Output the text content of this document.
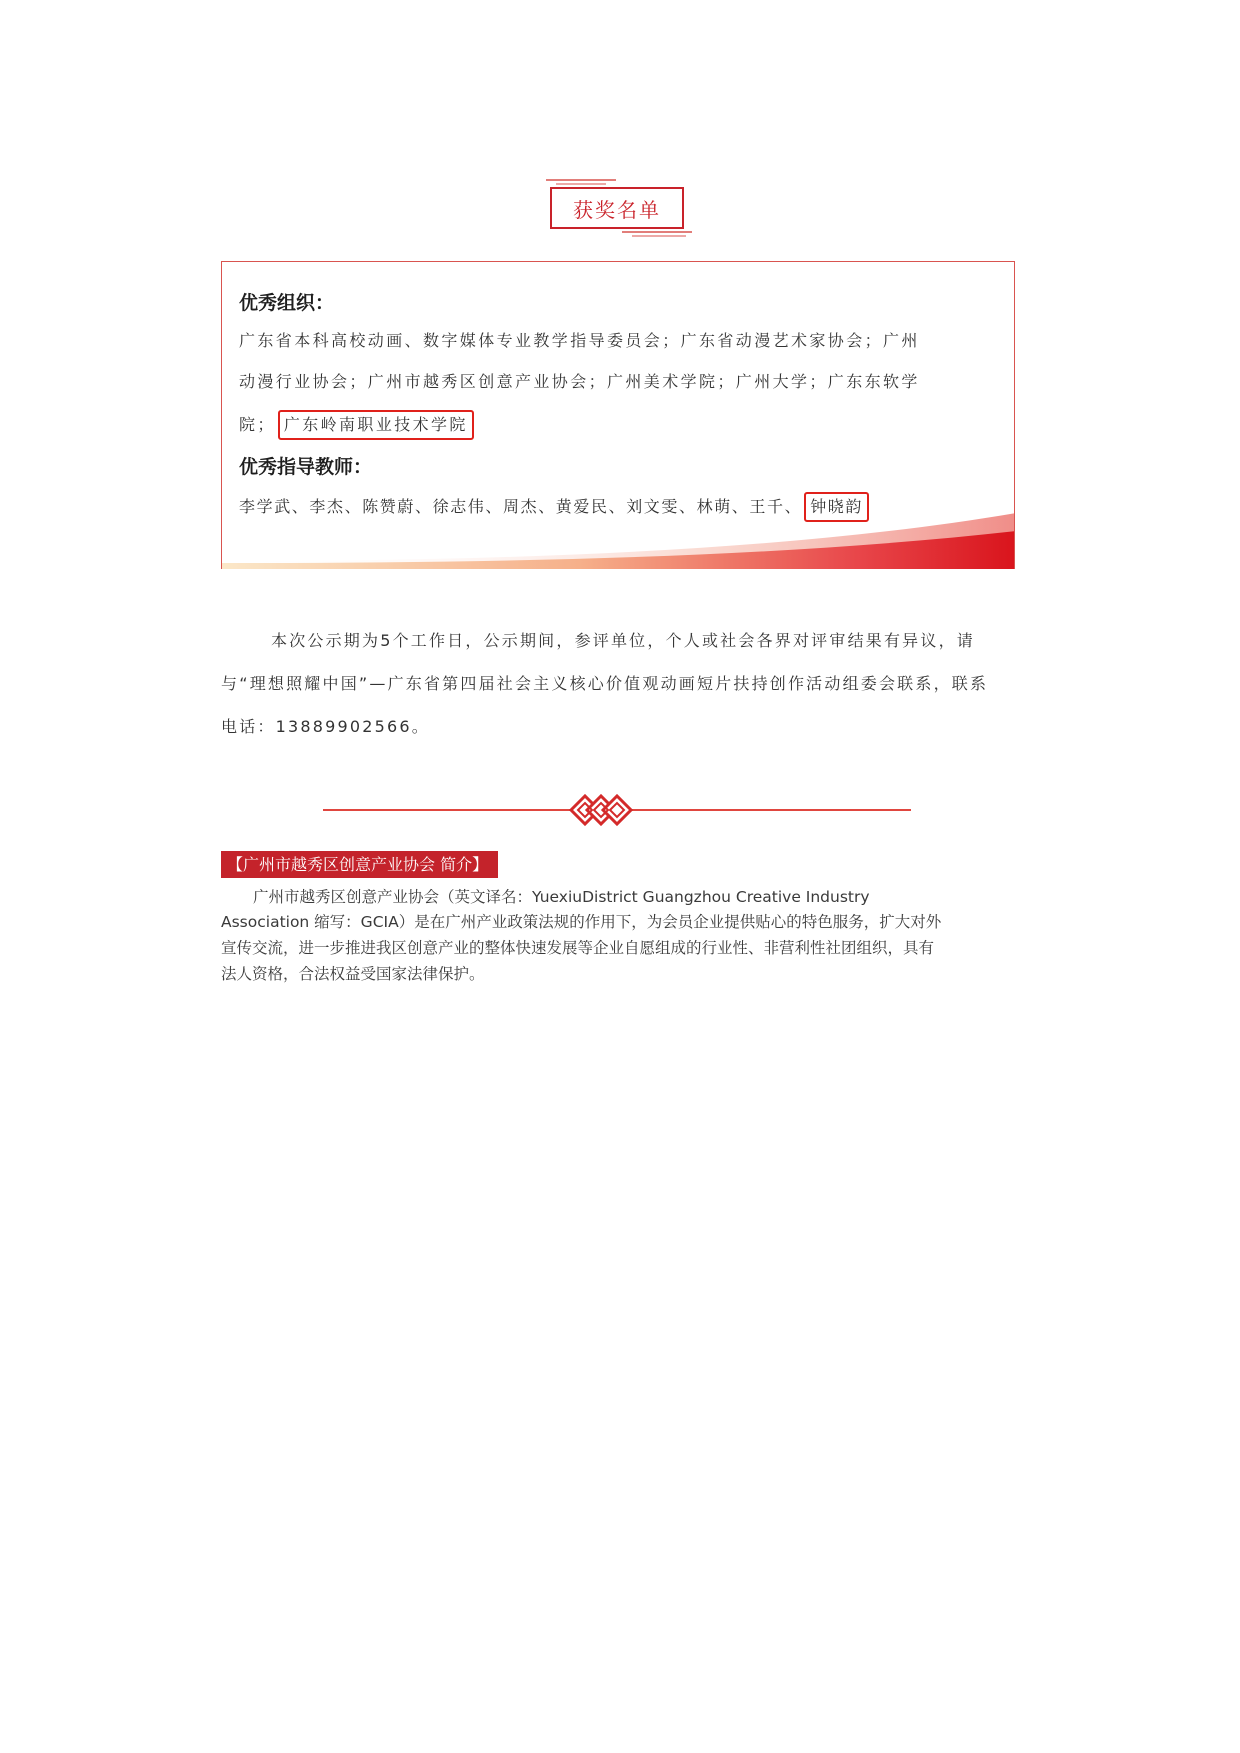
获奖名单
优秀组织：
广东省本科高校动画、数字媒体专业教学指导委员会；广东省动漫艺术家协会；广州
动漫行业协会；广州市越秀区创意产业协会；广州美术学院；广州大学；广东东软学
院； 广东岭南职业技术学院
优秀指导教师：
李学武、李杰、陈赞蔚、徐志伟、周杰、黄爱民、刘文雯、林萌、王千、 钟晓韵
本次公示期为5个工作日，公示期间，参评单位，个人或社会各界对评审结果有异议，请
与“理想照耀中国”—广东省第四届社会主义核心价值观动画短片扶持创作活动组委会联系，联系
电话：13889902566。
【广州市越秀区创意产业协会 简介】
广州市越秀区创意产业协会（英文译名：YuexiuDistrict Guangzhou Creative Industry
Association 缩写：GCIA）是在广州产业政策法规的作用下，为会员企业提供贴心的特色服务，扩大对外
宣传交流，进一步推进我区创意产业的整体快速发展等企业自愿组成的行业性、非营利性社团组织，具有
法人资格，合法权益受国家法律保护。
